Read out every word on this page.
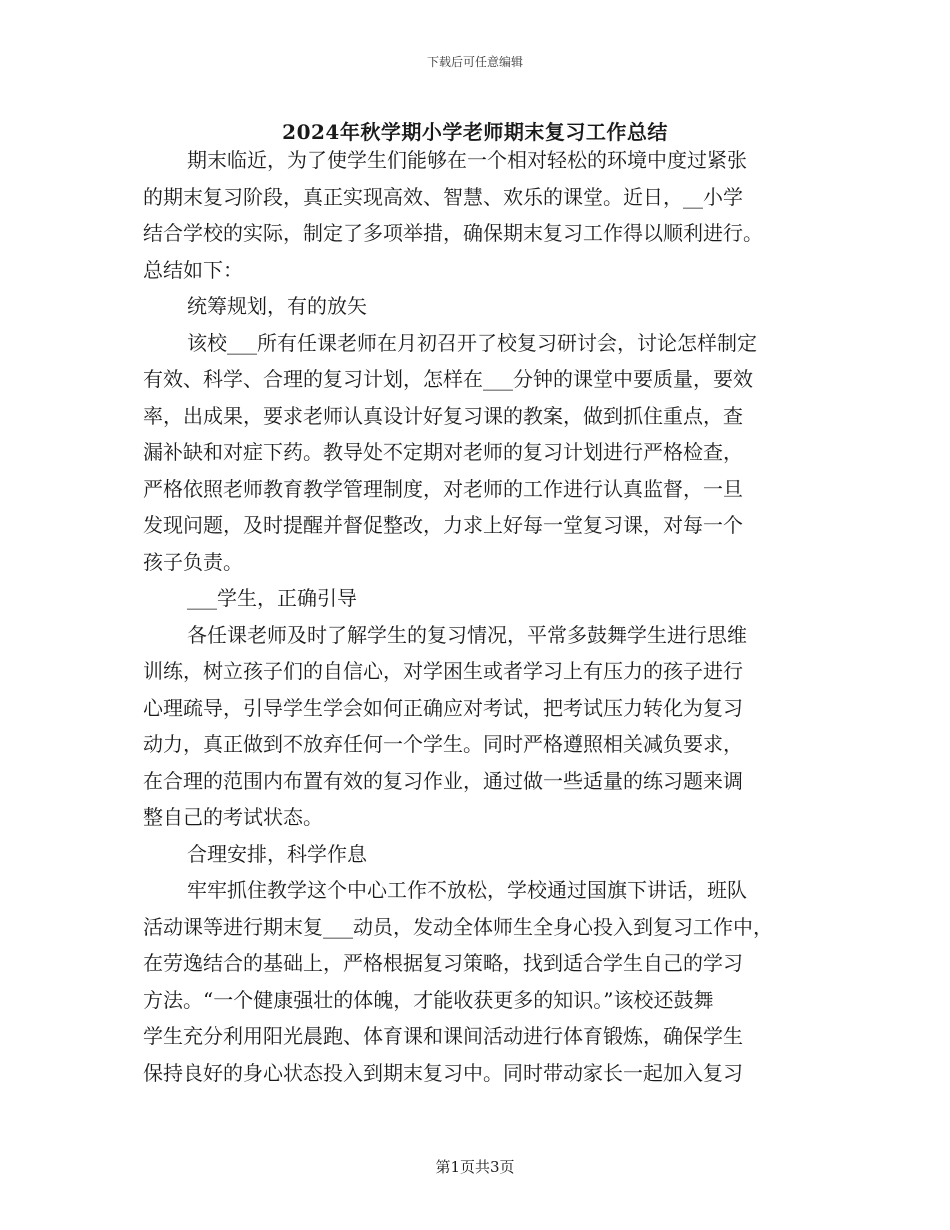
下载后可任意编辑
2024年秋学期小学老师期末复习工作总结
期末临近，为了使学生们能够在一个相对轻松的环境中度过紧张
的期末复习阶段，真正实现高效、智慧、欢乐的课堂。近日，__小学
结合学校的实际，制定了多项举措，确保期末复习工作得以顺利进行。
总结如下：
统筹规划，有的放矢
该校___所有任课老师在月初召开了校复习研讨会，讨论怎样制定
有效、科学、合理的复习计划，怎样在___分钟的课堂中要质量，要效
率，出成果，要求老师认真设计好复习课的教案，做到抓住重点，查
漏补缺和对症下药。教导处不定期对老师的复习计划进行严格检查，
严格依照老师教育教学管理制度，对老师的工作进行认真监督，一旦
发现问题，及时提醒并督促整改，力求上好每一堂复习课，对每一个
孩子负责。
___学生，正确引导
各任课老师及时了解学生的复习情况，平常多鼓舞学生进行思维
训练，树立孩子们的自信心，对学困生或者学习上有压力的孩子进行
心理疏导，引导学生学会如何正确应对考试，把考试压力转化为复习
动力，真正做到不放弃任何一个学生。同时严格遵照相关减负要求，
在合理的范围内布置有效的复习作业，通过做一些适量的练习题来调
整自己的考试状态。
合理安排，科学作息
牢牢抓住教学这个中心工作不放松，学校通过国旗下讲话，班队
活动课等进行期末复___动员，发动全体师生全身心投入到复习工作中，
在劳逸结合的基础上，严格根据复习策略，找到适合学生自己的学习
方法。“一个健康强壮的体魄，才能收获更多的知识。”该校还鼓舞
学生充分利用阳光晨跑、体育课和课间活动进行体育锻炼，确保学生
保持良好的身心状态投入到期末复习中。同时带动家长一起加入复习
第1页共3页
